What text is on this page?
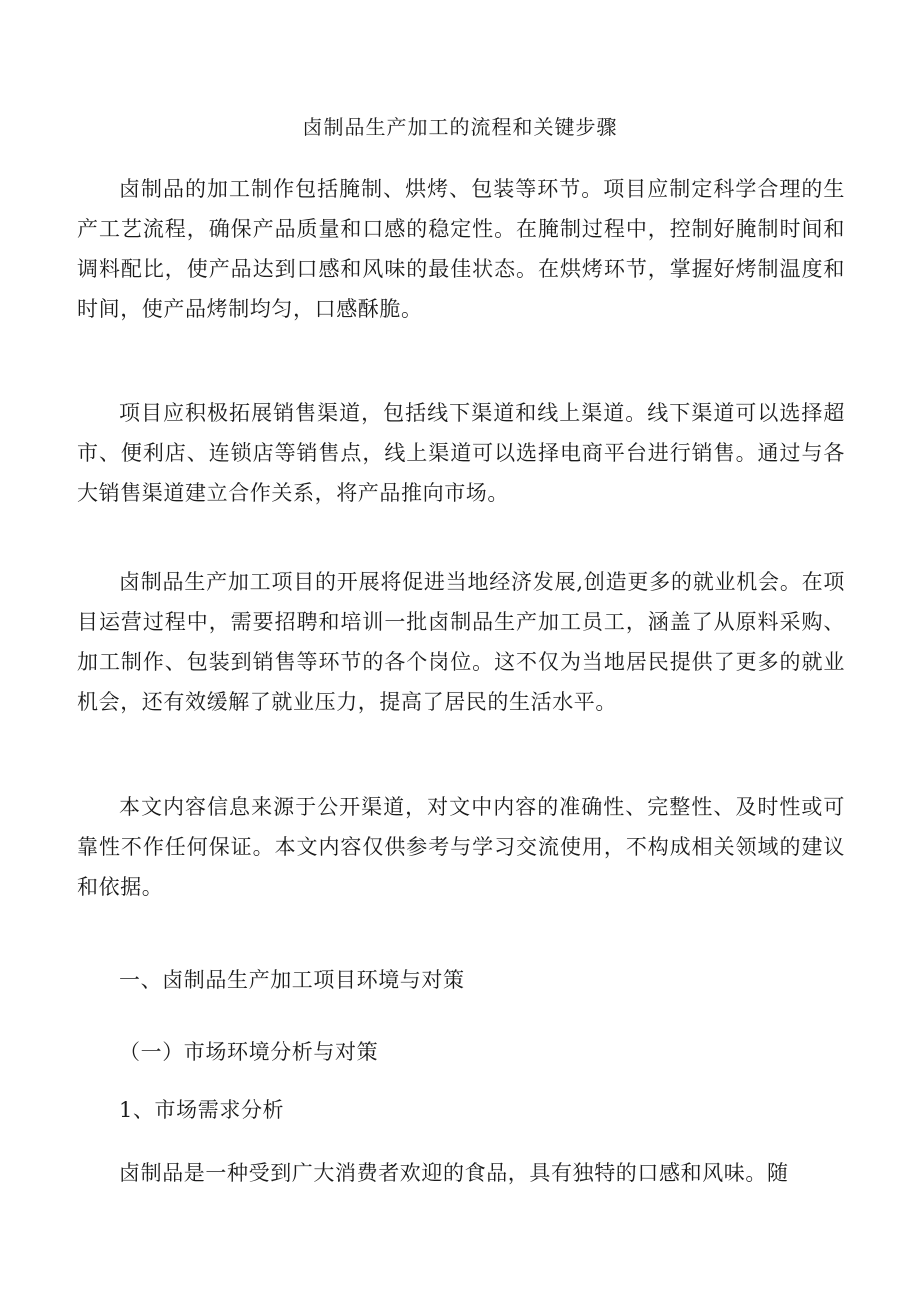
卤制品生产加工的流程和关键步骤

卤制品的加工制作包括腌制、烘烤、包装等环节。项目应制定科学合理的生产工艺流程，确保产品质量和口感的稳定性。在腌制过程中，控制好腌制时间和调料配比，使产品达到口感和风味的最佳状态。在烘烤环节，掌握好烤制温度和时间，使产品烤制均匀，口感酥脆。

项目应积极拓展销售渠道，包括线下渠道和线上渠道。线下渠道可以选择超市、便利店、连锁店等销售点，线上渠道可以选择电商平台进行销售。通过与各大销售渠道建立合作关系，将产品推向市场。

卤制品生产加工项目的开展将促进当地经济发展,创造更多的就业机会。在项目运营过程中，需要招聘和培训一批卤制品生产加工员工，涵盖了从原料采购、加工制作、包装到销售等环节的各个岗位。这不仅为当地居民提供了更多的就业机会，还有效缓解了就业压力，提高了居民的生活水平。

本文内容信息来源于公开渠道，对文中内容的准确性、完整性、及时性或可靠性不作任何保证。本文内容仅供参考与学习交流使用，不构成相关领域的建议和依据。

一、卤制品生产加工项目环境与对策
（一）市场环境分析与对策
1、市场需求分析

卤制品是一种受到广大消费者欢迎的食品，具有独特的口感和风味。随
